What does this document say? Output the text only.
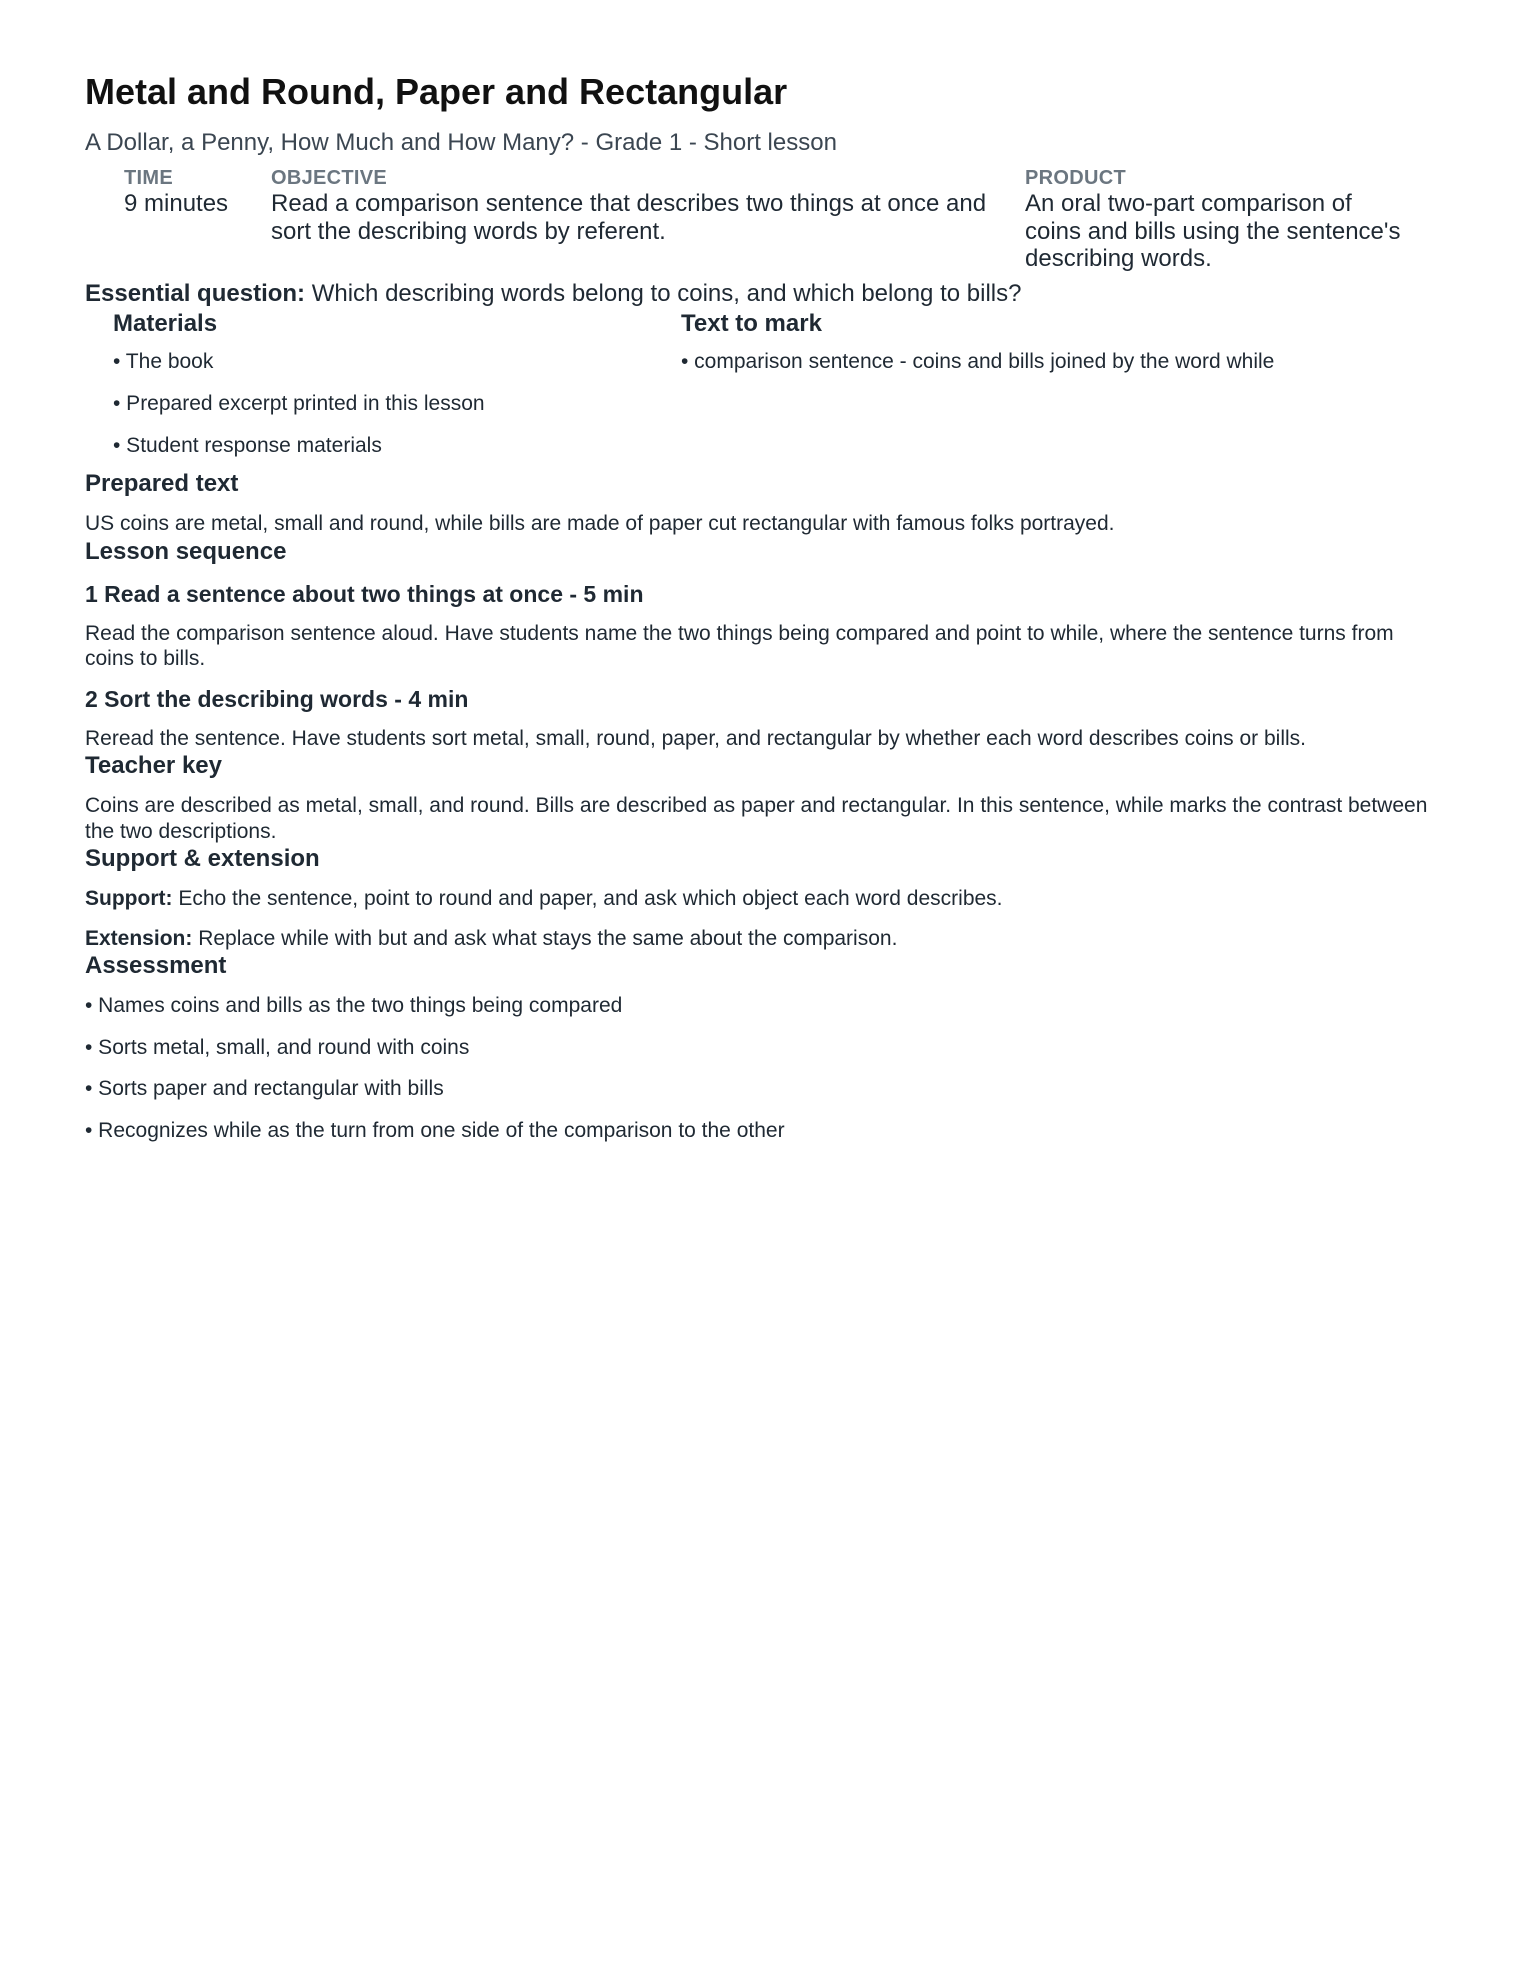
Metal and Round, Paper and Rectangular
A Dollar, a Penny, How Much and How Many? - Grade 1 - Short lesson
TIME
9 minutes
OBJECTIVE
Read a comparison sentence that describes two things at once and sort the describing words by referent.
PRODUCT
An oral two-part comparison of coins and bills using the sentence's describing words.
Essential question: Which describing words belong to coins, and which belong to bills?
Materials
• The book
• Prepared excerpt printed in this lesson
• Student response materials
Text to mark
• comparison sentence - coins and bills joined by the word while
Prepared text

US coins are metal, small and round, while bills are made of paper cut rectangular with famous folks portrayed.

Lesson sequence
1 Read a sentence about two things at once - 5 min

Read the comparison sentence aloud. Have students name the two things being compared and point to while, where the sentence turns from coins to bills.

2 Sort the describing words - 4 min

Reread the sentence. Have students sort metal, small, round, paper, and rectangular by whether each word describes coins or bills.

Teacher key

Coins are described as metal, small, and round. Bills are described as paper and rectangular. In this sentence, while marks the contrast between the two descriptions.

Support & extension

Support: Echo the sentence, point to round and paper, and ask which object each word describes.

Extension: Replace while with but and ask what stays the same about the comparison.

Assessment
• Names coins and bills as the two things being compared
• Sorts metal, small, and round with coins
• Sorts paper and rectangular with bills
• Recognizes while as the turn from one side of the comparison to the other
